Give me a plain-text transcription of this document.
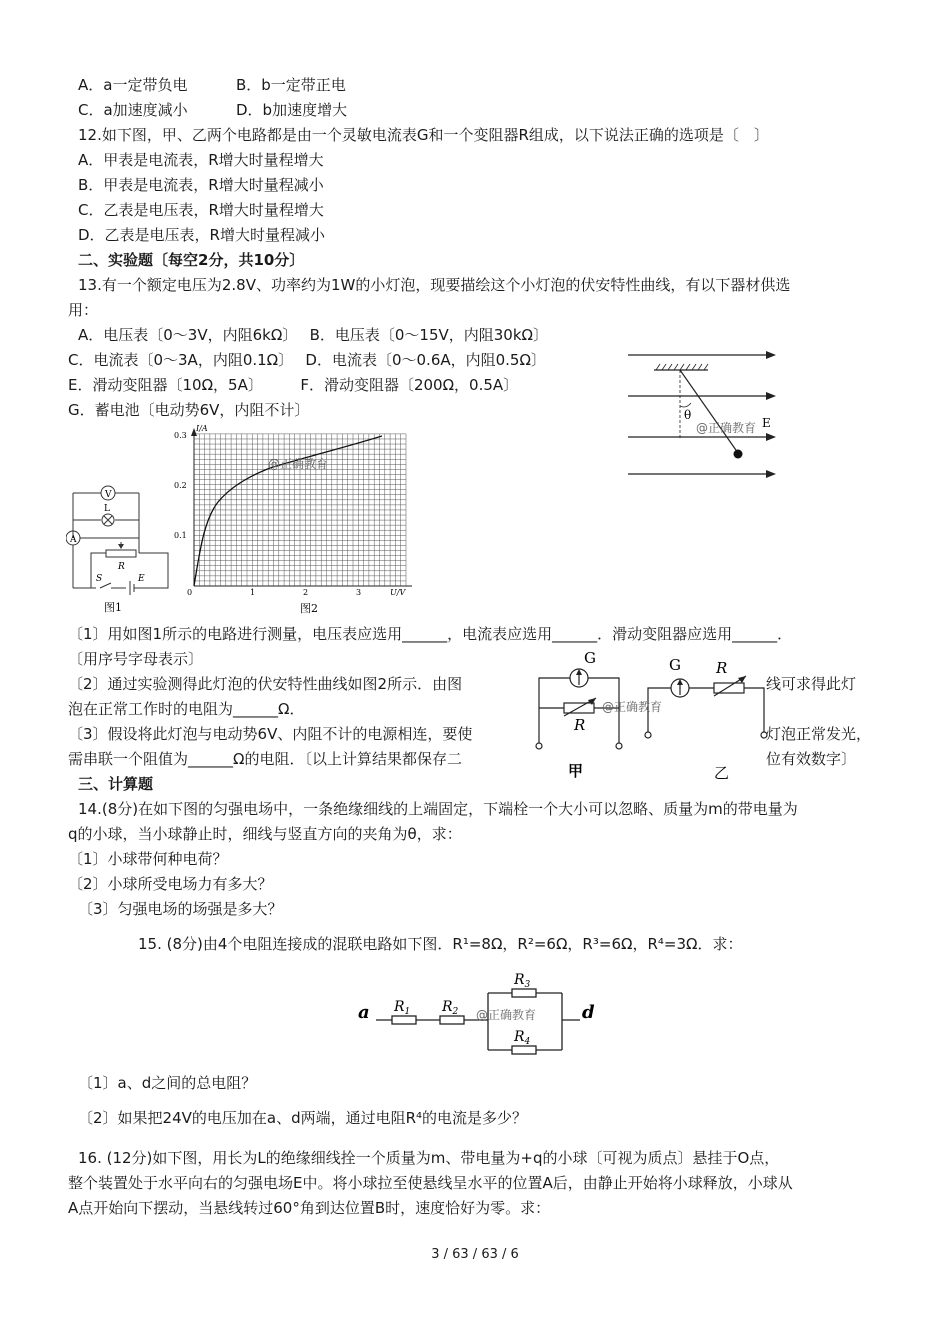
A．a一定带负电	B．b一定带正电
C．a加速度减小	D．b加速度增大
12.如下图，甲、乙两个电路都是由一个灵敏电流表G和一个变阻器R组成，以下说法正确的选项是〔　〕
A．甲表是电流表，R增大时量程增大
B．甲表是电流表，R增大时量程减小
C．乙表是电压表，R增大时量程增大
D．乙表是电压表，R增大时量程减小
二、实验题〔每空2分，共10分〕
13.有一个额定电压为2.8V、功率约为1W的小灯泡，现要描绘这个小灯泡的伏安特性曲线，有以下器材供选
用：
A．电压表〔0～3V，内阻6kΩ〕　 B．电压表〔0～15V，内阻30kΩ〕
C．电流表〔0～3A，内阻0.1Ω〕　 D．电流表〔0～0.6A，内阻0.5Ω〕
E．滑动变阻器〔10Ω，5A〕　　　F．滑动变阻器〔200Ω，0.5A〕
G．蓄电池〔电动势6V，内阻不计〕
〔1〕用如图1所示的电路进行测量，电压表应选用______，电流表应选用______．滑动变阻器应选用______．
〔用序号字母表示〕
〔2〕通过实验测得此灯泡的伏安特性曲线如图2所示．由图	线可求得此灯
泡在正常工作时的电阻为______Ω．
〔3〕假设将此灯泡与电动势6V、内阻不计的电源相连，要使	灯泡正常发光，
需串联一个阻值为______Ω的电阻．〔以上计算结果都保存二	位有效数字〕
三、计算题
14.(8分)在如下图的匀强电场中，一条绝缘细线的上端固定，下端栓一个大小可以忽略、质量为m的带电量为
q的小球，当小球静止时，细线与竖直方向的夹角为θ，求：
〔1〕小球带何种电荷？
〔2〕小球所受电场力有多大？
〔3〕匀强电场的场强是多大？
15. (8分)由4个电阻连接成的混联电路如下图．R¹=8Ω，R²=6Ω，R³=6Ω，R⁴=3Ω．求：
〔1〕a、d之间的总电阻？
〔2〕如果把24V的电压加在a、d两端，通过电阻R⁴的电流是多少？
16. (12分)如下图，用长为L的绝缘细线拴一个质量为m、带电量为+q的小球〔可视为质点〕悬挂于O点，
整个装置处于水平向右的匀强电场E中。将小球拉至使悬线呈水平的位置A后，由静止开始将小球释放，小球从
A点开始向下摆动，当悬线转过60°角到达位置B时，速度恰好为零。求：
V
L
A
R
S	E
图1
0.3
0.2
0.1
I/A
0	1	2	3	U/V
图2
@正确教育
θ
E
@正确教育
G
R
G R
甲	乙
@正确教育
a	d
$R_1$ $R_2$
$R_3$
$R_4$
@正确教育
3 / 63 / 63 / 6
